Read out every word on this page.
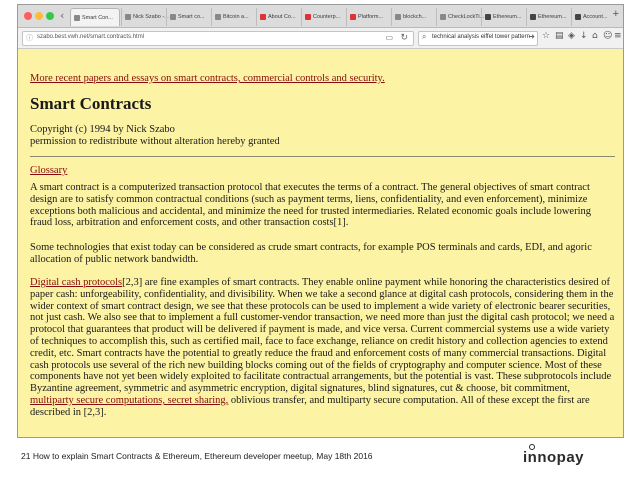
‹	Smart Con...	Nick Szabo -...	Smart co...	Bitcoin a...	About Co...	Counterp...	Platform...	blockch...	CheckLockTi...	Ethereum...	Ethereum...	Account... +
ⓘ szabo.best.vwh.net/smart.contracts.html	▭ ↻ ⌕ technical analysis eiffel tower pattern
➜ ☆ ▤ ◈ ↓ ⌂ ☺ ≡
More recent papers and essays on smart contracts, commercial controls and security.
Smart Contracts
Copyright (c) 1994 by Nick Szabo
permission to redistribute without alteration hereby granted
Glossary

A smart contract is a computerized transaction protocol that executes the terms of a contract. The general objectives of smart contract design are to satisfy common contractual conditions (such as payment terms, liens, confidentiality, and even enforcement), minimize exceptions both malicious and accidental, and minimize the need for trusted intermediaries. Related economic goals include lowering fraud loss, arbitration and enforcement costs, and other transaction costs[1].

Some technologies that exist today can be considered as crude smart contracts, for example POS terminals and cards, EDI, and agoric allocation of public network bandwidth.

Digital cash protocols[2,3] are fine examples of smart contracts. They enable online payment while honoring the characteristics desired of paper cash: unforgeability, confidentiality, and divisibility. When we take a second glance at digital cash protocols, considering them in the wider context of smart contract design, we see that these protocols can be used to implement a wide variety of electronic bearer securities, not just cash. We also see that to implement a full customer-vendor transaction, we need more than just the digital cash protocol; we need a protocol that guarantees that product will be delivered if payment is made, and vice versa. Current commercial systems use a wide variety of techniques to accomplish this, such as certified mail, face to face exchange, reliance on credit history and collection agencies to extend credit, etc. Smart contracts have the potential to greatly reduce the fraud and enforcement costs of many commercial transactions. Digital cash protocols use several of the rich new building blocks coming out of the fields of cryptography and computer science. Most of these components have not yet been widely exploited to facilitate contractual arrangements, but the potential is vast. These subprotocols include Byzantine agreement, symmetric and asymmetric encryption, digital signatures, blind signatures, cut & choose, bit commitment, multiparty secure computations, secret sharing, oblivious transfer, and multiparty secure computation. All of these except the first are described in [2,3].

21 How to explain Smart Contracts & Ethereum, Ethereum developer meetup, May 18th 2016	innopay
